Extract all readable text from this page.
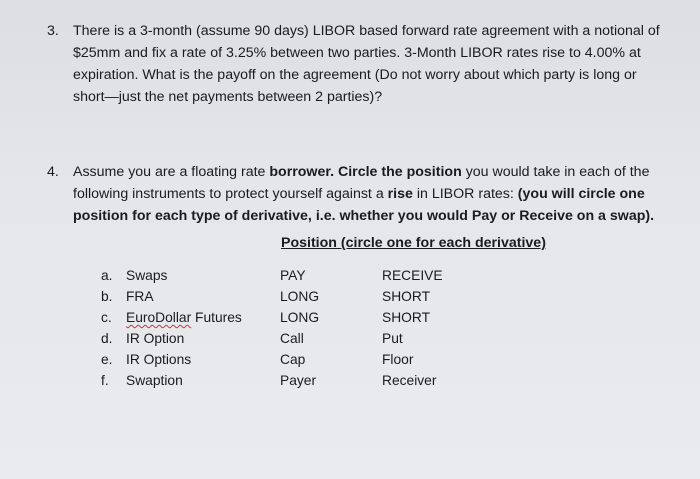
3. There is a 3-month (assume 90 days) LIBOR based forward rate agreement with a notional of
$25mm and fix a rate of 3.25% between two parties. 3-Month LIBOR rates rise to 4.00% at
expiration. What is the payoff on the agreement (Do not worry about which party is long or
short—just the net payments between 2 parties)?
4. Assume you are a floating rate borrower. Circle the position you would take in each of the
following instruments to protect yourself against a rise in LIBOR rates: (you will circle one
position for each type of derivative, i.e. whether you would Pay or Receive on a swap).
Position (circle one for each derivative)
a. Swaps	PAY	RECEIVE
b. FRA	LONG	SHORT
c. EuroDollar Futures	LONG	SHORT
d. IR Option	Call	Put
e. IR Options	Cap	Floor
f. Swaption	Payer	Receiver
